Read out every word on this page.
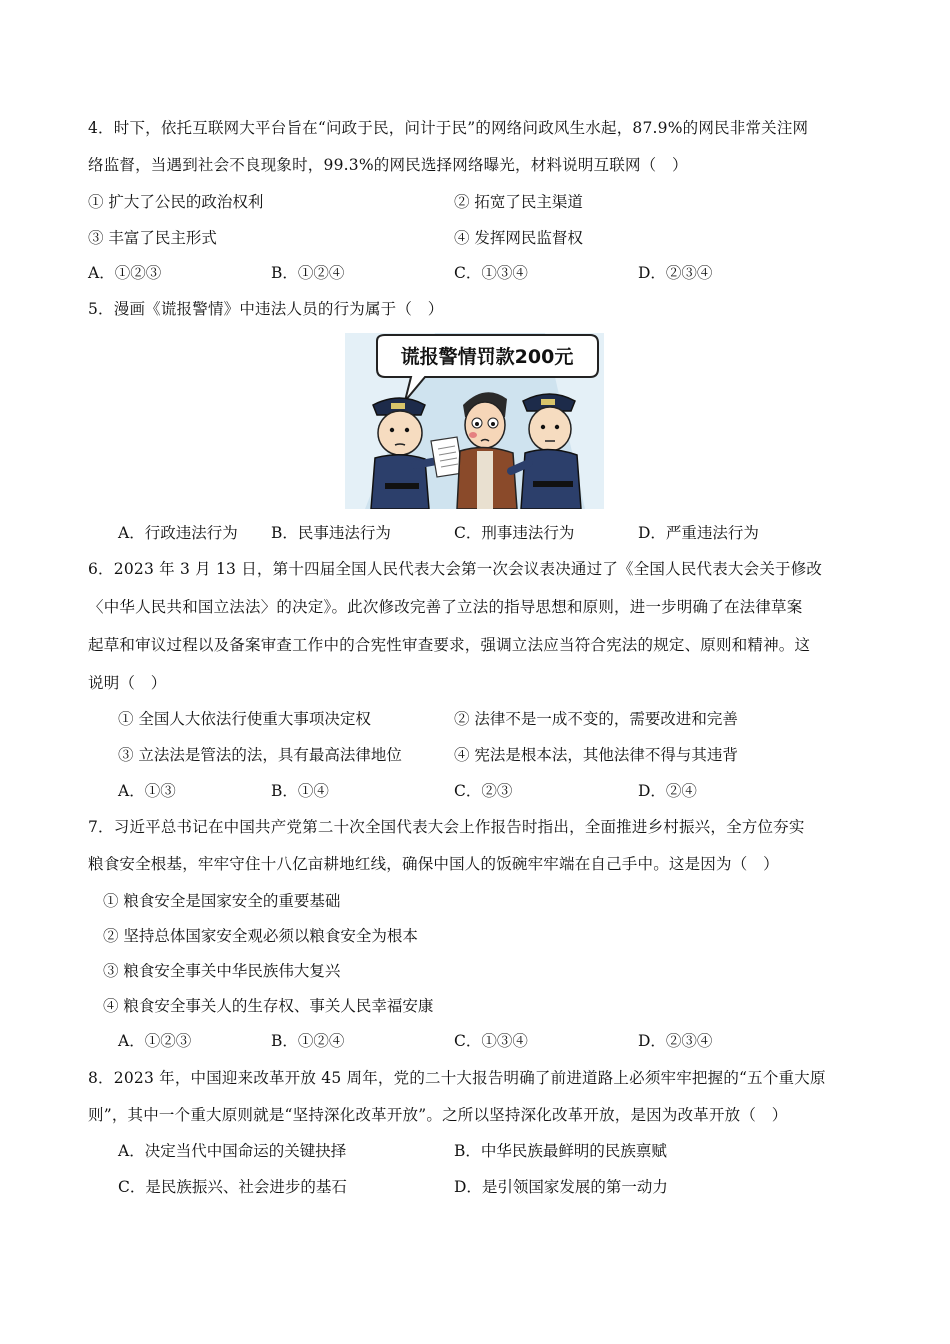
4．时下，依托互联网大平台旨在“问政于民，问计于民”的网络问政风生水起，87.9%的网民非常关注网
络监督，当遇到社会不良现象时，99.3%的网民选择网络曝光，材料说明互联网（　）
① 扩大了公民的政治权利	② 拓宽了民主渠道
③ 丰富了民主形式	④ 发挥网民监督权
A．①②③	B．①②④	C．①③④	D．②③④
5．漫画《谎报警情》中违法人员的行为属于（　）
谎报警情罚款200元
A．行政违法行为 B．民事违法行为	C．刑事违法行为	D．严重违法行为
6．2023 年 3 月 13 日，第十四届全国人民代表大会第一次会议表决通过了《全国人民代表大会关于修改
〈中华人民共和国立法法〉的决定》。此次修改完善了立法的指导思想和原则，进一步明确了在法律草案
起草和审议过程以及备案审查工作中的合宪性审查要求，强调立法应当符合宪法的规定、原则和精神。这
说明（　）
① 全国人大依法行使重大事项决定权	② 法律不是一成不变的，需要改进和完善
③ 立法法是管法的法，具有最高法律地位	④ 宪法是根本法，其他法律不得与其违背
A．①③	B．①④	C．②③	D．②④
7．习近平总书记在中国共产党第二十次全国代表大会上作报告时指出，全面推进乡村振兴，全方位夯实
粮食安全根基，牢牢守住十八亿亩耕地红线，确保中国人的饭碗牢牢端在自己手中。这是因为（　）
① 粮食安全是国家安全的重要基础
② 坚持总体国家安全观必须以粮食安全为根本
③ 粮食安全事关中华民族伟大复兴
④ 粮食安全事关人的生存权、事关人民幸福安康
A．①②③	B．①②④	C．①③④	D．②③④
8．2023 年，中国迎来改革开放 45 周年，党的二十大报告明确了前进道路上必须牢牢把握的“五个重大原
则”，其中一个重大原则就是“坚持深化改革开放”。之所以坚持深化改革开放，是因为改革开放（　）
A．决定当代中国命运的关键抉择	B．中华民族最鲜明的民族禀赋
C．是民族振兴、社会进步的基石	D．是引领国家发展的第一动力
